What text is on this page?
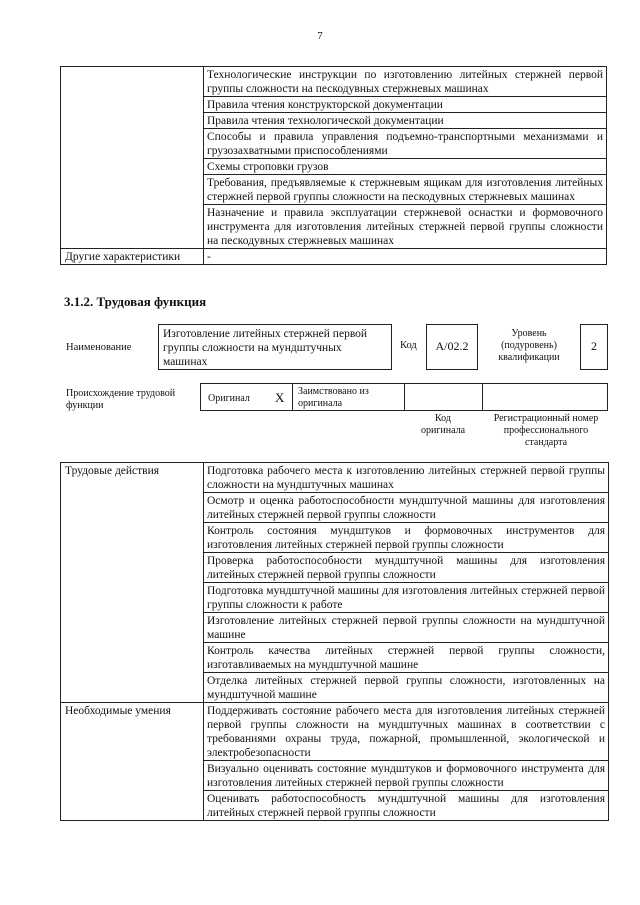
7
	Технологические инструкции по изготовлению литейных стержней первой группы сложности на пескодувных стержневых машинах
	Правила чтения конструкторской документации
	Правила чтения технологической документации
	Способы и правила управления подъемно-транспортными механизмами и грузозахватными приспособлениями
	Схемы строповки грузов
	Требования, предъявляемые к стержневым ящикам для изготовления литейных стержней первой группы сложности на пескодувных стержневых машинах
	Назначение и правила эксплуатации стержневой оснастки и формовочного инструмента для изготовления литейных стержней первой группы сложности на пескодувных стержневых машинах
Другие характеристики	-
3.1.2. Трудовая функция
Наименование
Изготовление литейных стержней первой группы сложности на мундштучных машинах
Код	А/02.2
Уровень (подуровень) квалификации
2
Происхождение трудовой функции
Оригинал Х Заимствовано из оригинала
Код оригинала
Регистрационный номер профессионального стандарта
Трудовые действия	Подготовка рабочего места к изготовлению литейных стержней первой группы сложности на мундштучных машинах
	Осмотр и оценка работоспособности мундштучной машины для изготовления литейных стержней первой группы сложности
	Контроль состояния мундштуков и формовочных инструментов для изготовления литейных стержней первой группы сложности
	Проверка работоспособности мундштучной машины для изготовления литейных стержней первой группы сложности
	Подготовка мундштучной машины для изготовления литейных стержней первой группы сложности к работе
	Изготовление литейных стержней первой группы сложности на мундштучной машине
	Контроль качества литейных стержней первой группы сложности, изготавливаемых на мундштучной машине
	Отделка литейных стержней первой группы сложности, изготовленных на мундштучной машине
Необходимые умения	Поддерживать состояние рабочего места для изготовления литейных стержней первой группы сложности на мундштучных машинах в соответствии с требованиями охраны труда, пожарной, промышленной, экологической и электробезопасности
	Визуально оценивать состояние мундштуков и формовочного инструмента для изготовления литейных стержней первой группы сложности
	Оценивать работоспособность мундштучной машины для изготовления литейных стержней первой группы сложности
